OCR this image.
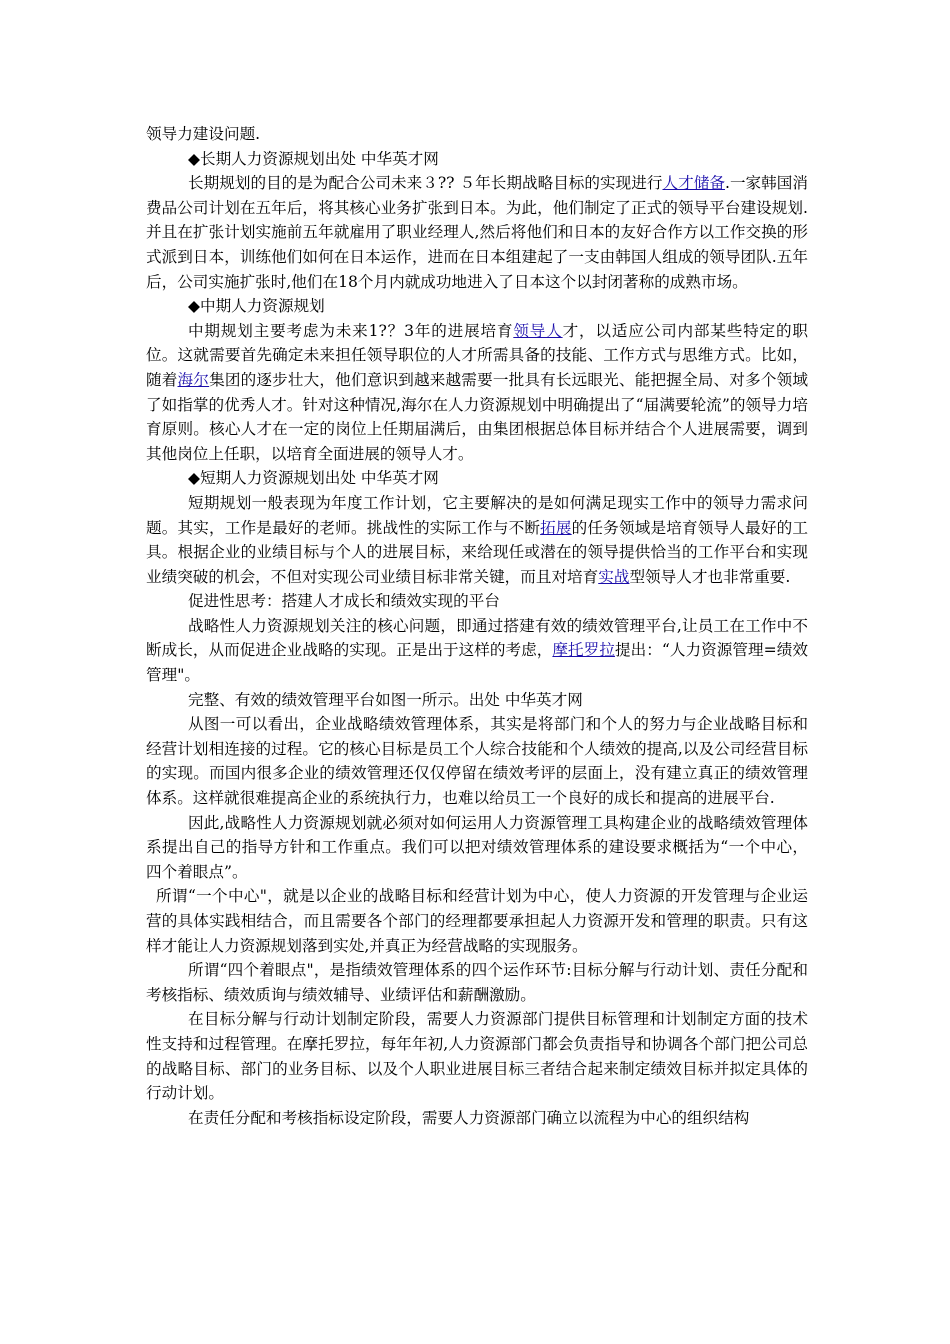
领导力建设问题.

◆长期人力资源规划出处 中华英才网

长期规划的目的是为配合公司未来３?? ５年长期战略目标的实现进行人才储备.一家韩国消费品公司计划在五年后，将其核心业务扩张到日本。为此，他们制定了正式的领导平台建设规划.并且在扩张计划实施前五年就雇用了职业经理人,然后将他们和日本的友好合作方以工作交换的形式派到日本，训练他们如何在日本运作，进而在日本组建起了一支由韩国人组成的领导团队.五年后，公司实施扩张时,他们在18个月内就成功地进入了日本这个以封闭著称的成熟市场。

◆中期人力资源规划

中期规划主要考虑为未来1?？3年的进展培育领导人才，以适应公司内部某些特定的职位。这就需要首先确定未来担任领导职位的人才所需具备的技能、工作方式与思维方式。比如，随着海尔集团的逐步壮大，他们意识到越来越需要一批具有长远眼光、能把握全局、对多个领域了如指掌的优秀人才。针对这种情况,海尔在人力资源规划中明确提出了“届满要轮流”的领导力培育原则。核心人才在一定的岗位上任期届满后，由集团根据总体目标并结合个人进展需要，调到其他岗位上任职，以培育全面进展的领导人才。

◆短期人力资源规划出处 中华英才网

短期规划一般表现为年度工作计划，它主要解决的是如何满足现实工作中的领导力需求问题。其实，工作是最好的老师。挑战性的实际工作与不断拓展的任务领域是培育领导人最好的工具。根据企业的业绩目标与个人的进展目标，来给现任或潜在的领导提供恰当的工作平台和实现业绩突破的机会，不但对实现公司业绩目标非常关键，而且对培育实战型领导人才也非常重要.

促进性思考：搭建人才成长和绩效实现的平台

战略性人力资源规划关注的核心问题，即通过搭建有效的绩效管理平台,让员工在工作中不断成长，从而促进企业战略的实现。正是出于这样的考虑，摩托罗拉提出：“人力资源管理=绩效管理"。

完整、有效的绩效管理平台如图一所示。出处 中华英才网

从图一可以看出，企业战略绩效管理体系，其实是将部门和个人的努力与企业战略目标和经营计划相连接的过程。它的核心目标是员工个人综合技能和个人绩效的提高,以及公司经营目标的实现。而国内很多企业的绩效管理还仅仅停留在绩效考评的层面上，没有建立真正的绩效管理体系。这样就很难提高企业的系统执行力，也难以给员工一个良好的成长和提高的进展平台.

因此,战略性人力资源规划就必须对如何运用人力资源管理工具构建企业的战略绩效管理体系提出自己的指导方针和工作重点。我们可以把对绩效管理体系的建设要求概括为“一个中心，四个着眼点”。

所谓“一个中心"，就是以企业的战略目标和经营计划为中心，使人力资源的开发管理与企业运营的具体实践相结合，而且需要各个部门的经理都要承担起人力资源开发和管理的职责。只有这样才能让人力资源规划落到实处,并真正为经营战略的实现服务。

所谓“四个着眼点"，是指绩效管理体系的四个运作环节:目标分解与行动计划、责任分配和考核指标、绩效质询与绩效辅导、业绩评估和薪酬激励。

在目标分解与行动计划制定阶段，需要人力资源部门提供目标管理和计划制定方面的技术性支持和过程管理。在摩托罗拉，每年年初,人力资源部门都会负责指导和协调各个部门把公司总的战略目标、部门的业务目标、以及个人职业进展目标三者结合起来制定绩效目标并拟定具体的行动计划。

在责任分配和考核指标设定阶段，需要人力资源部门确立以流程为中心的组织结构
